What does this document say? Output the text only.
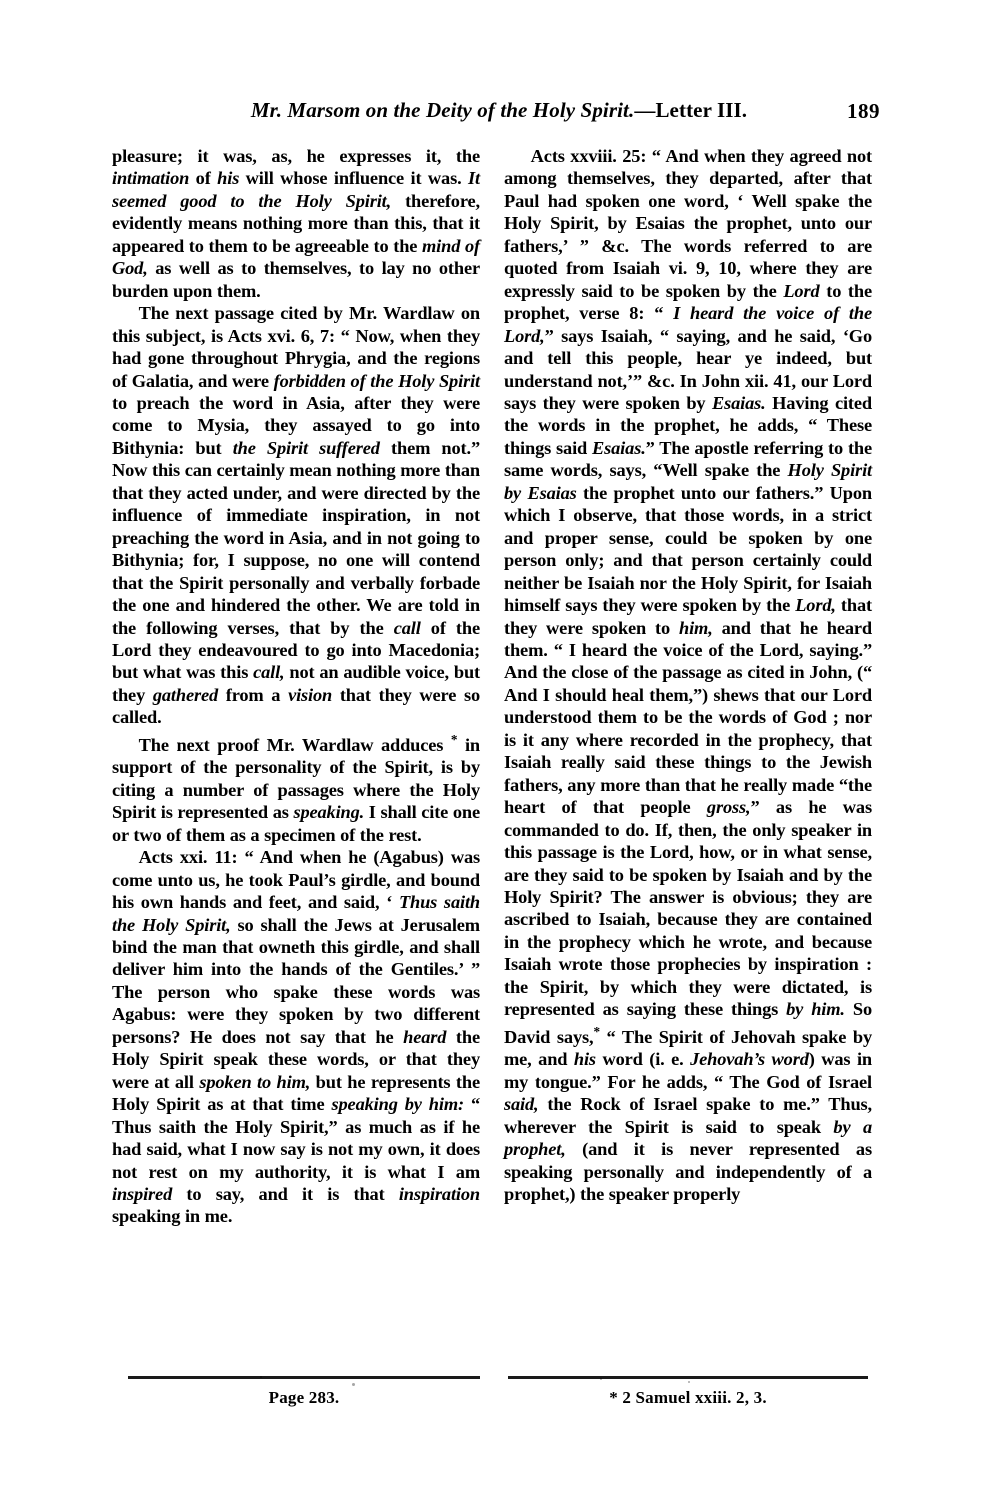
Mr. Marsom on the Deity of the Holy Spirit.—Letter III.	189

pleasure; it was, as, he expresses it, the intimation of his will whose influence it was. It seemed good to the Holy Spirit, therefore, evidently means nothing more than this, that it appeared to them to be agreeable to the mind of God, as well as to themselves, to lay no other burden upon them.

The next passage cited by Mr. Wardlaw on this subject, is Acts xvi. 6, 7: “ Now, when they had gone throughout Phrygia, and the regions of Galatia, and were forbidden of the Holy Spirit to preach the word in Asia, after they were come to Mysia, they assayed to go into Bithynia: but the Spirit suffered them not.” Now this can certainly mean nothing more than that they acted under, and were directed by the influence of immediate inspiration, in not preaching the word in Asia, and in not going to Bithynia; for, I suppose, no one will contend that the Spirit personally and verbally forbade the one and hindered the other. We are told in the following verses, that by the call of the Lord they endeavoured to go into Macedonia; but what was this call, not an audible voice, but they gathered from a vision that they were so called.

The next proof Mr. Wardlaw adduces * in support of the personality of the Spirit, is by citing a number of passages where the Holy Spirit is represented as speaking. I shall cite one or two of them as a specimen of the rest.

Acts xxi. 11: “ And when he (Agabus) was come unto us, he took Paul’s girdle, and bound his own hands and feet, and said, ‘ Thus saith the Holy Spirit, so shall the Jews at Jerusalem bind the man that owneth this girdle, and shall deliver him into the hands of the Gentiles.’ ” The person who spake these words was Agabus: were they spoken by two different persons? He does not say that he heard the Holy Spirit speak these words, or that they were at all spoken to him, but he represents the Holy Spirit as at that time speaking by him: “ Thus saith the Holy Spirit,” as much as if he had said, what I now say is not my own, it does not rest on my authority, it is what I am inspired to say, and it is that inspiration speaking in me.

Acts xxviii. 25: “ And when they agreed not among themselves, they departed, after that Paul had spoken one word, ‘ Well spake the Holy Spirit, by Esaias the prophet, unto our fathers,’ ” &c. The words referred to are quoted from Isaiah vi. 9, 10, where they are expressly said to be spoken by the Lord to the prophet, verse 8: “ I heard the voice of the Lord,” says Isaiah, “ saying, and he said, ‘Go and tell this people, hear ye indeed, but understand not,’” &c. In John xii. 41, our Lord says they were spoken by Esaias. Having cited the words in the prophet, he adds, “ These things said Esaias.” The apostle referring to the same words, says, “Well spake the Holy Spirit by Esaias the prophet unto our fathers.” Upon which I observe, that those words, in a strict and proper sense, could be spoken by one person only; and that person certainly could neither be Isaiah nor the Holy Spirit, for Isaiah himself says they were spoken by the Lord, that they were spoken to him, and that he heard them. “ I heard the voice of the Lord, saying.” And the close of the passage as cited in John, (“ And I should heal them,”) shews that our Lord understood them to be the words of God ; nor is it any where recorded in the prophecy, that Isaiah really said these things to the Jewish fathers, any more than that he really made “the heart of that people gross,” as he was commanded to do. If, then, the only speaker in this passage is the Lord, how, or in what sense, are they said to be spoken by Isaiah and by the Holy Spirit? The answer is obvious; they are ascribed to Isaiah, because they are contained in the prophecy which he wrote, and because Isaiah wrote those prophecies by inspiration : the Spirit, by which they were dictated, is represented as saying these things by him. So David says,* “ The Spirit of Jehovah spake by me, and his word (i. e. Jehovah’s word) was in my tongue.” For he adds, “ The God of Israel said, the Rock of Israel spake to me.” Thus, wherever the Spirit is said to speak by a prophet, (and it is never represented as speaking personally and independently of a prophet,) the speaker properly

Page 283.	* 2 Samuel xxiii. 2, 3.
